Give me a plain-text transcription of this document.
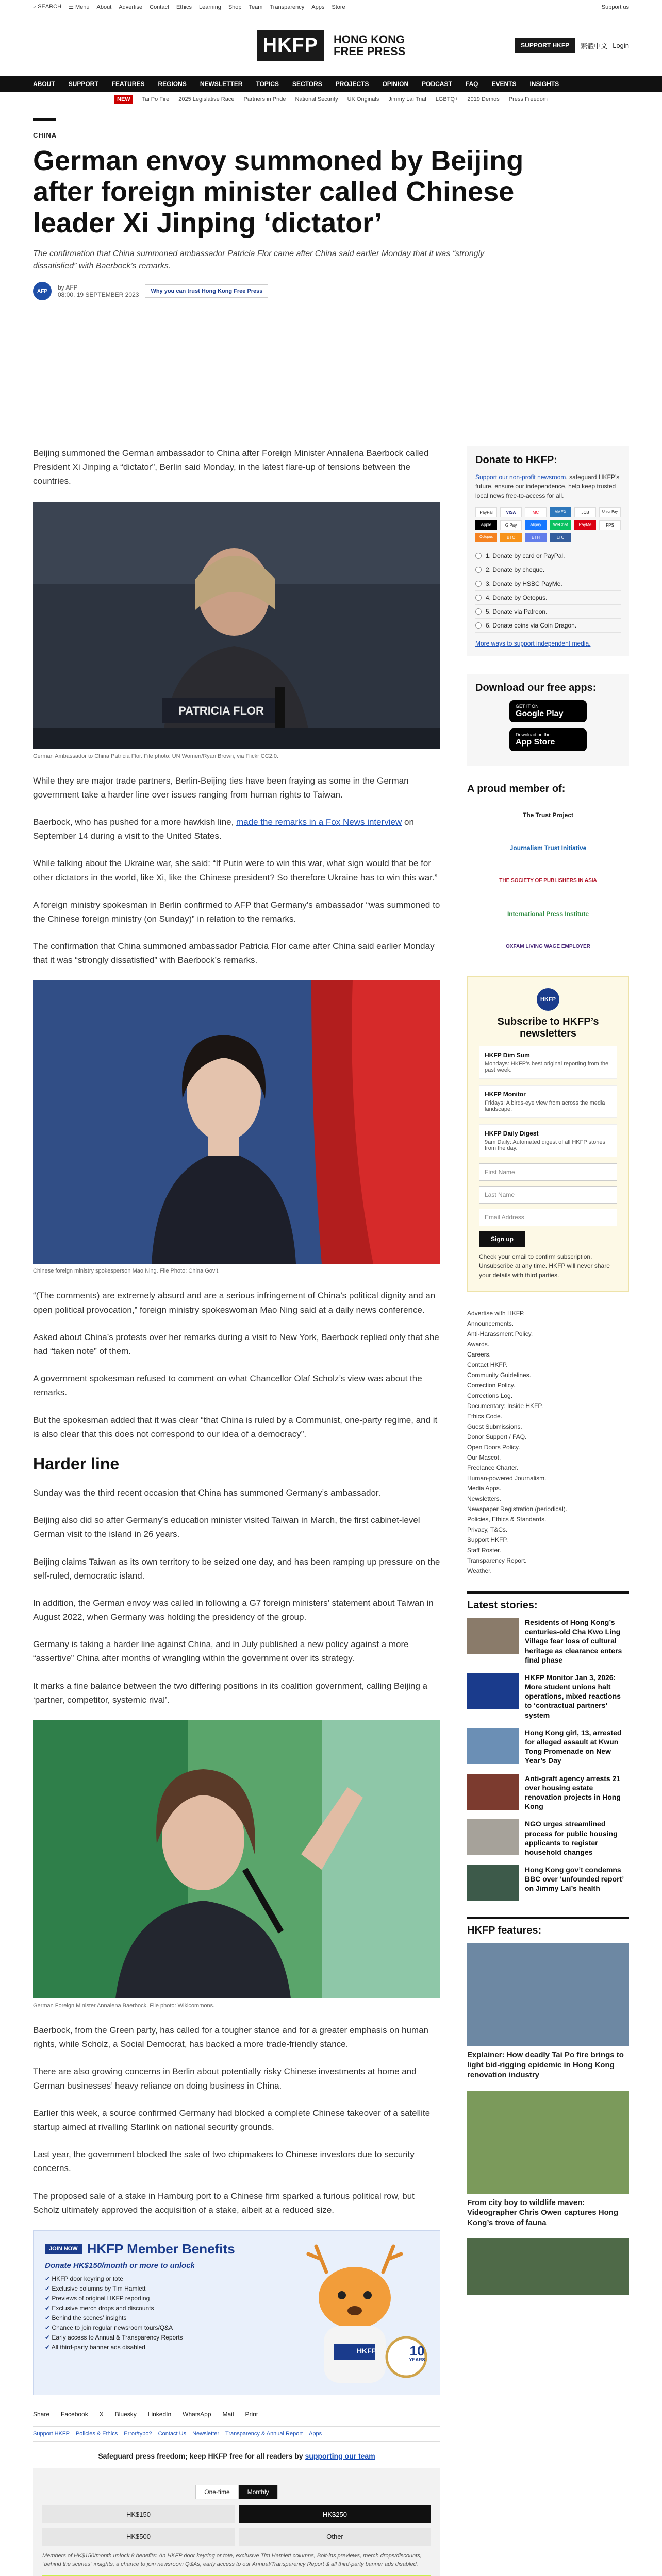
⌕ SEARCH ☰ Menu About Advertise Contact Ethics Learning Shop Team Transparency Apps Store	Support us
HKFP	HONG KONG
FREE PRESS	SUPPORT HKFP	繁體中文 Login
ABOUT SUPPORT FEATURES REGIONS NEWSLETTER TOPICS SECTORS PROJECTS OPINION PODCAST FAQ EVENTS INSIGHTS
NEW	Tai Po Fire 2025 Legislative Race Partners in Pride National Security UK Originals Jimmy Lai Trial LGBTQ+ 2019 Demos Press Freedom
CHINA
German envoy summoned by Beijing after foreign minister called Chinese leader Xi Jinping ‘dictator’
The confirmation that China summoned ambassador Patricia Flor came after China said earlier Monday that it was “strongly dissatisfied” with Baerbock’s remarks.
AFP	by AFP
08:00, 19 SEPTEMBER 2023	Why you can trust Hong Kong Free Press

Beijing summoned the German ambassador to China after Foreign Minister Annalena Baerbock called President Xi Jinping a “dictator”, Berlin said Monday, in the latest flare-up of tensions between the countries.

PATRICIA FLOR
German Ambassador to China Patricia Flor. File photo: UN Women/Ryan Brown, via Flickr CC2.0.

While they are major trade partners, Berlin-Beijing ties have been fraying as some in the German government take a harder line over issues ranging from human rights to Taiwan.

Baerbock, who has pushed for a more hawkish line, made the remarks in a Fox News interview on September 14 during a visit to the United States.

While talking about the Ukraine war, she said: “If Putin were to win this war, what sign would that be for other dictators in the world, like Xi, like the Chinese president? So therefore Ukraine has to win this war.”

A foreign ministry spokesman in Berlin confirmed to AFP that Germany’s ambassador “was summoned to the Chinese foreign ministry (on Sunday)” in relation to the remarks.

The confirmation that China summoned ambassador Patricia Flor came after China said earlier Monday that it was “strongly dissatisfied” with Baerbock’s remarks.

Chinese foreign ministry spokesperson Mao Ning. File Photo: China Gov’t.

“(The comments) are extremely absurd and are a serious infringement of China’s political dignity and an open political provocation,” foreign ministry spokeswoman Mao Ning said at a daily news conference.

Asked about China’s protests over her remarks during a visit to New York, Baerbock replied only that she had “taken note” of them.

A government spokesman refused to comment on what Chancellor Olaf Scholz’s view was about the remarks.

But the spokesman added that it was clear “that China is ruled by a Communist, one-party regime, and it is also clear that this does not correspond to our idea of a democracy”.

Harder line

Sunday was the third recent occasion that China has summoned Germany’s ambassador.

Beijing also did so after Germany’s education minister visited Taiwan in March, the first cabinet-level German visit to the island in 26 years.

Beijing claims Taiwan as its own territory to be seized one day, and has been ramping up pressure on the self-ruled, democratic island.

In addition, the German envoy was called in following a G7 foreign ministers’ statement about Taiwan in August 2022, when Germany was holding the presidency of the group.

Germany is taking a harder line against China, and in July published a new policy against a more “assertive” China after months of wrangling within the government over its strategy.

It marks a fine balance between the two differing positions in its coalition government, calling Beijing a ‘partner, competitor, systemic rival’.

German Foreign Minister Annalena Baerbock. File photo: Wikicommons.

Baerbock, from the Green party, has called for a tougher stance and for a greater emphasis on human rights, while Scholz, a Social Democrat, has backed a more trade-friendly stance.

There are also growing concerns in Berlin about potentially risky Chinese investments at home and German businesses’ heavy reliance on doing business in China.

Earlier this week, a source confirmed Germany had blocked a complete Chinese takeover of a satellite startup aimed at rivalling Starlink on national security grounds.

Last year, the government blocked the sale of two chipmakers to Chinese investors due to security concerns.

The proposed sale of a stake in Hamburg port to a Chinese firm sparked a furious political row, but Scholz ultimately approved the acquisition of a stake, albeit at a reduced size.

JOIN NOW HKFP Member Benefits
Donate HK$150/month or more to unlock
✔ HKFP door keyring or tote
✔ Exclusive columns by Tim Hamlett
✔ Previews of original HKFP reporting
✔ Exclusive merch drops and discounts
✔ Behind the scenes’ insights
✔ Chance to join regular newsroom tours/Q&A
✔ Early access to Annual & Transparency Reports
✔ All third-party banner ads disabled	HKFP	10
YEARS
Share Facebook X Bluesky LinkedIn WhatsApp Mail Print
Support HKFP Policies & Ethics Error/typo? Contact Us Newsletter Transparency & Annual Report Apps
Safeguard press freedom; keep HKFP free for all readers by supporting our team
One-time	Monthly
HK$150	HK$250
HK$500	Other
Members of HK$150/month unlock 8 benefits: An HKFP door keyring or tote, exclusive Tim Hamlett columns, Bolt-ins previews, merch drops/discounts, “behind the scenes” insights, a chance to join newsroom Q&As, early access to our Annual/Transparency Report & all third-party banner ads disabled.
Donate to HKFP:

Support our non-profit newsroom, safeguard HKFP’s future, ensure our independence, help keep trusted local news free-to-access for all.

PayPal	VISA	MC	AMEX	JCB	UnionPay
Apple	G Pay	Alipay	WeChat	PayMe	FPS
Octopus	BTC	ETH	LTC
1. Donate by card or PayPal.
2. Donate by cheque.
3. Donate by HSBC PayMe.
4. Donate by Octopus.
5. Donate via Patreon.
6. Donate coins via Coin Dragon.

More ways to support independent media.

Download our free apps:
GET IT ON
Google Play
Download on the
App Store
A proud member of:
The Trust Project
Journalism Trust Initiative
THE SOCIETY OF PUBLISHERS IN ASIA
International Press Institute
OXFAM LIVING WAGE EMPLOYER
HKFP
Subscribe to HKFP’s newsletters
HKFP Dim Sum
Mondays: HKFP’s best original reporting from the past week.
HKFP Monitor
Fridays: A birds-eye view from across the media landscape.
HKFP Daily Digest
9am Daily: Automated digest of all HKFP stories from the day.
First Name
Last Name
Email Address
Sign up

Check your email to confirm subscription. Unsubscribe at any time. HKFP will never share your details with third parties.

Advertise with HKFP.
Announcements.
Anti-Harassment Policy.
Awards.
Careers.
Contact HKFP.
Community Guidelines.
Correction Policy.
Corrections Log.
Documentary: Inside HKFP.
Ethics Code.
Guest Submissions.
Donor Support / FAQ.
Open Doors Policy.
Our Mascot.
Freelance Charter.
Human-powered Journalism.
Media Apps.
Newsletters.
Newspaper Registration (periodical).
Policies, Ethics & Standards.
Privacy, T&Cs.
Support HKFP.
Staff Roster.
Transparency Report.
Weather.
Latest stories:
Residents of Hong Kong’s centuries-old Cha Kwo Ling Village fear loss of cultural heritage as clearance enters final phase
HKFP Monitor Jan 3, 2026: More student unions halt operations, mixed reactions to ‘contractual partners’ system
Hong Kong girl, 13, arrested for alleged assault at Kwun Tong Promenade on New Year’s Day
Anti-graft agency arrests 21 over housing estate renovation projects in Hong Kong
NGO urges streamlined process for public housing applicants to register household changes
Hong Kong gov’t condemns BBC over ‘unfounded report’ on Jimmy Lai’s health
HKFP features:
Explainer: How deadly Tai Po fire brings to light bid-rigging epidemic in Hong Kong renovation industry
From city boy to wildlife maven: Videographer Chris Owen captures Hong Kong’s trove of fauna
